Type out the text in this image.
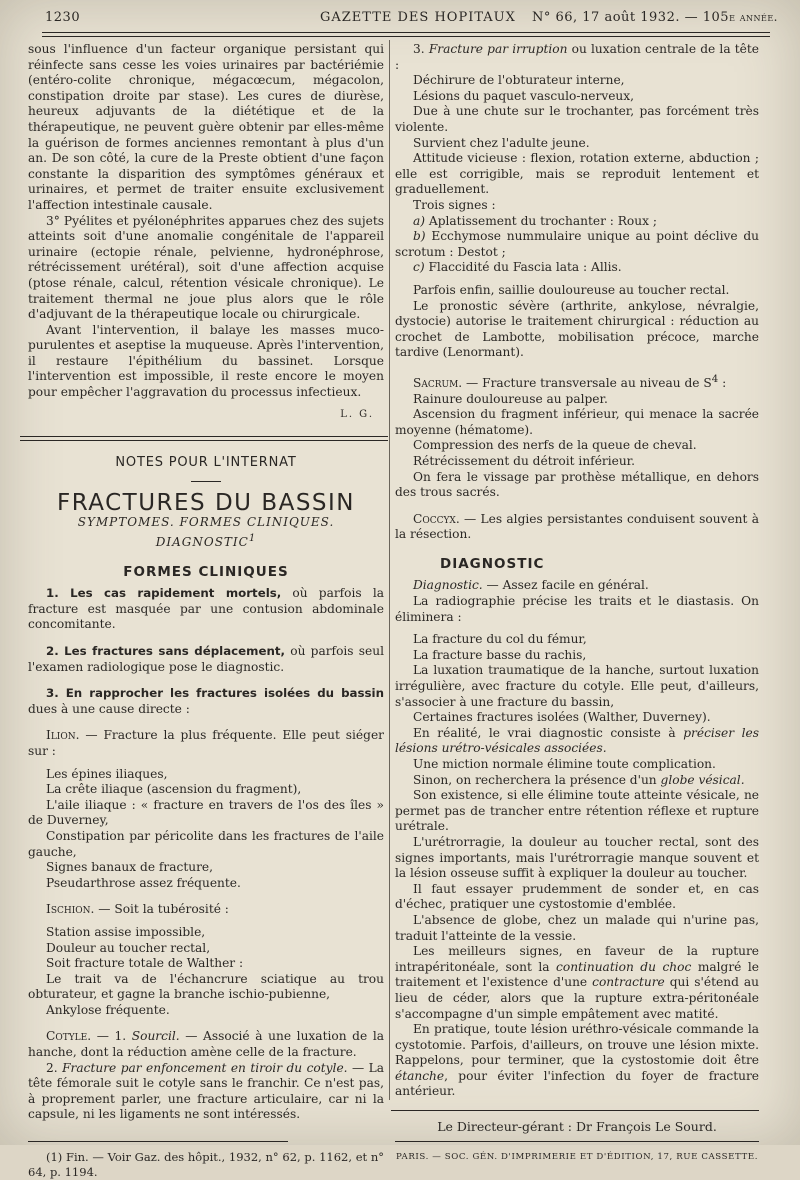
1230	GAZETTE DES HOPITAUX N° 66, 17 août 1932. — 105e année.

sous l'influence d'un facteur organique persistant qui réinfecte sans cesse les voies urinaires par bactériémie (entéro-colite chronique, mégacœcum, mégacolon, constipation droite par stase). Les cures de diurèse, heureux adjuvants de la diététique et de la thérapeutique, ne peuvent guère obtenir par elles-même la guérison de formes anciennes remontant à plus d'un an. De son côté, la cure de la Preste obtient d'une façon constante la disparition des symptômes généraux et urinaires, et permet de traiter ensuite exclusivement l'affection intestinale causale.

3° Pyélites et pyélonéphrites apparues chez des sujets atteints soit d'une anomalie congénitale de l'appareil urinaire (ectopie rénale, pelvienne, hydronéphrose, rétrécissement urétéral), soit d'une affection acquise (ptose rénale, calcul, rétention vésicale chronique). Le traitement thermal ne joue plus alors que le rôle d'adjuvant de la thérapeutique locale ou chirurgicale.

Avant l'intervention, il balaye les masses muco-purulentes et aseptise la muqueuse. Après l'intervention, il restaure l'épithélium du bassinet. Lorsque l'intervention est impossible, il reste encore le moyen pour empêcher l'aggravation du processus infectieux.

L. G.
NOTES POUR L'INTERNAT
FRACTURES DU BASSIN
SYMPTOMES. FORMES CLINIQUES. DIAGNOSTIC$^1$
FORMES CLINIQUES

1. Les cas rapidement mortels, où parfois la fracture est masquée par une contusion abdominale concomitante.

2. Les fractures sans déplacement, où parfois seul l'examen radiologique pose le diagnostic.

3. En rapprocher les fractures isolées du bassin dues à une cause directe :

Ilion. — Fracture la plus fréquente. Elle peut siéger sur :

Les épines iliaques,

La crête iliaque (ascension du fragment),

L'aile iliaque : « fracture en travers de l'os des îles » de Duverney,

Constipation par péricolite dans les fractures de l'aile gauche,

Signes banaux de fracture,

Pseudarthrose assez fréquente.

Ischion. — Soit la tubérosité :

Station assise impossible,

Douleur au toucher rectal,

Soit fracture totale de Walther :

Le trait va de l'échancrure sciatique au trou obturateur, et gagne la branche ischio-pubienne,

Ankylose fréquente.

Cotyle. — 1. Sourcil. — Associé à une luxation de la hanche, dont la réduction amène celle de la fracture.

2. Fracture par enfoncement en tiroir du cotyle. — La tête fémorale suit le cotyle sans le franchir. Ce n'est pas, à proprement parler, une fracture articulaire, car ni la capsule, ni les ligaments ne sont intéressés.

(1) Fin. — Voir Gaz. des hôpit., 1932, n° 62, p. 1162, et n° 64, p. 1194.

3. Fracture par irruption ou luxation centrale de la tête :

Déchirure de l'obturateur interne,

Lésions du paquet vasculo-nerveux,

Due à une chute sur le trochanter, pas forcément très violente.

Survient chez l'adulte jeune.

Attitude vicieuse : flexion, rotation externe, abduction ; elle est corrigible, mais se reproduit lentement et graduellement.

Trois signes :

a) Aplatissement du trochanter : Roux ;

b) Ecchymose nummulaire unique au point déclive du scrotum : Destot ;

c) Flaccidité du Fascia lata : Allis.

Parfois enfin, saillie douloureuse au toucher rectal.

Le pronostic sévère (arthrite, ankylose, névralgie, dystocie) autorise le traitement chirurgical : réduction au crochet de Lambotte, mobilisation précoce, marche tardive (Lenormant).

Sacrum. — Fracture transversale au niveau de $S^4$ :

Rainure douloureuse au palper.

Ascension du fragment inférieur, qui menace la sacrée moyenne (hématome).

Compression des nerfs de la queue de cheval.

Rétrécissement du détroit inférieur.

On fera le vissage par prothèse métallique, en dehors des trous sacrés.

Coccyx. — Les algies persistantes conduisent souvent à la résection.

DIAGNOSTIC

Diagnostic. — Assez facile en général.

La radiographie précise les traits et le diastasis. On éliminera :

La fracture du col du fémur,

La fracture basse du rachis,

La luxation traumatique de la hanche, surtout luxation irrégulière, avec fracture du cotyle. Elle peut, d'ailleurs, s'associer à une fracture du bassin,

Certaines fractures isolées (Walther, Duverney).

En réalité, le vrai diagnostic consiste à préciser les lésions urétro-vésicales associées.

Une miction normale élimine toute complication.

Sinon, on recherchera la présence d'un globe vésical.

Son existence, si elle élimine toute atteinte vésicale, ne permet pas de trancher entre rétention réflexe et rupture urétrale.

L'urétrorragie, la douleur au toucher rectal, sont des signes importants, mais l'urétrorragie manque souvent et la lésion osseuse suffit à expliquer la douleur au toucher.

Il faut essayer prudemment de sonder et, en cas d'échec, pratiquer une cystostomie d'emblée.

L'absence de globe, chez un malade qui n'urine pas, traduit l'atteinte de la vessie.

Les meilleurs signes, en faveur de la rupture intrapéritonéale, sont la continuation du choc malgré le traitement et l'existence d'une contracture qui s'étend au lieu de céder, alors que la rupture extra-péritonéale s'accompagne d'un simple empâtement avec matité.

En pratique, toute lésion uréthro-vésicale commande la cystotomie. Parfois, d'ailleurs, on trouve une lésion mixte. Rappelons, pour terminer, que la cystostomie doit être étanche, pour éviter l'infection du foyer de fracture antérieur.

Le Directeur-gérant : Dr François Le Sourd.
PARIS. — SOC. GÉN. D'IMPRIMERIE ET D'ÉDITION, 17, RUE CASSETTE.
